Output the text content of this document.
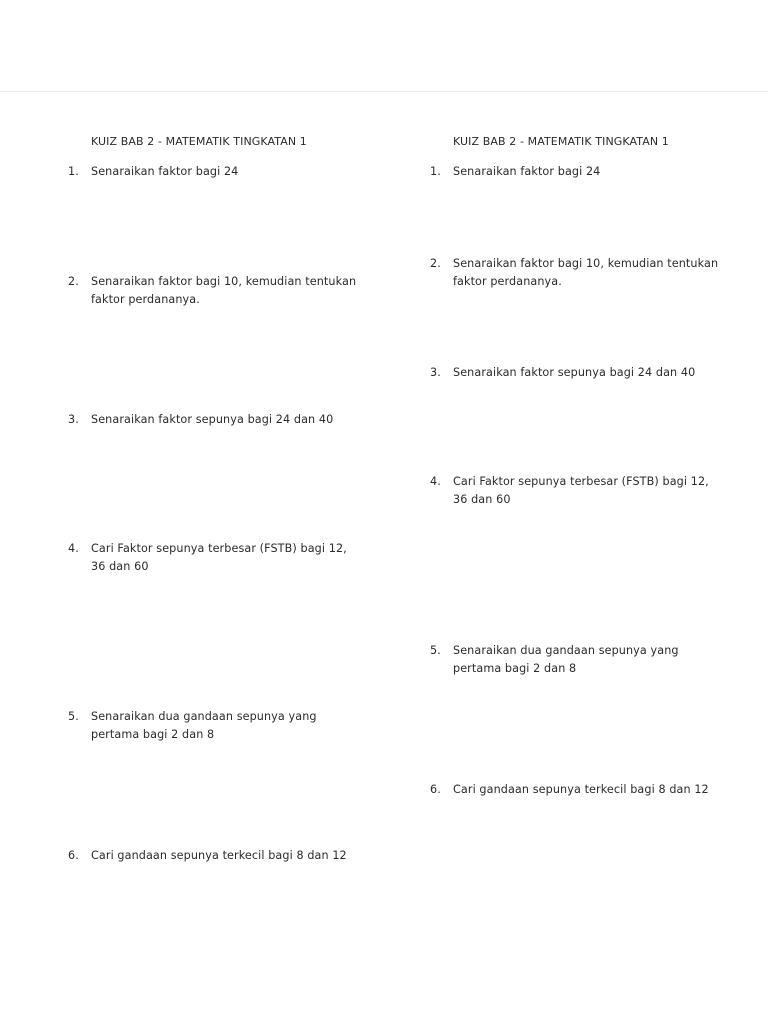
KUIZ BAB 2 - MATEMATIK TINGKATAN 1
1.	Senaraikan faktor bagi 24
2.	Senaraikan faktor bagi 10, kemudian tentukan faktor perdananya.
3.	Senaraikan faktor sepunya bagi 24 dan 40
4.	Cari Faktor sepunya terbesar (FSTB) bagi 12, 36 dan 60
5.	Senaraikan dua gandaan sepunya yang pertama bagi 2 dan 8
6.	Cari gandaan sepunya terkecil bagi 8 dan 12
KUIZ BAB 2 - MATEMATIK TINGKATAN 1
1.	Senaraikan faktor bagi 24
2.	Senaraikan faktor bagi 10, kemudian tentukan faktor perdananya.
3.	Senaraikan faktor sepunya bagi 24 dan 40
4.	Cari Faktor sepunya terbesar (FSTB) bagi 12, 36 dan 60
5.	Senaraikan dua gandaan sepunya yang pertama bagi 2 dan 8
6.	Cari gandaan sepunya terkecil bagi 8 dan 12
